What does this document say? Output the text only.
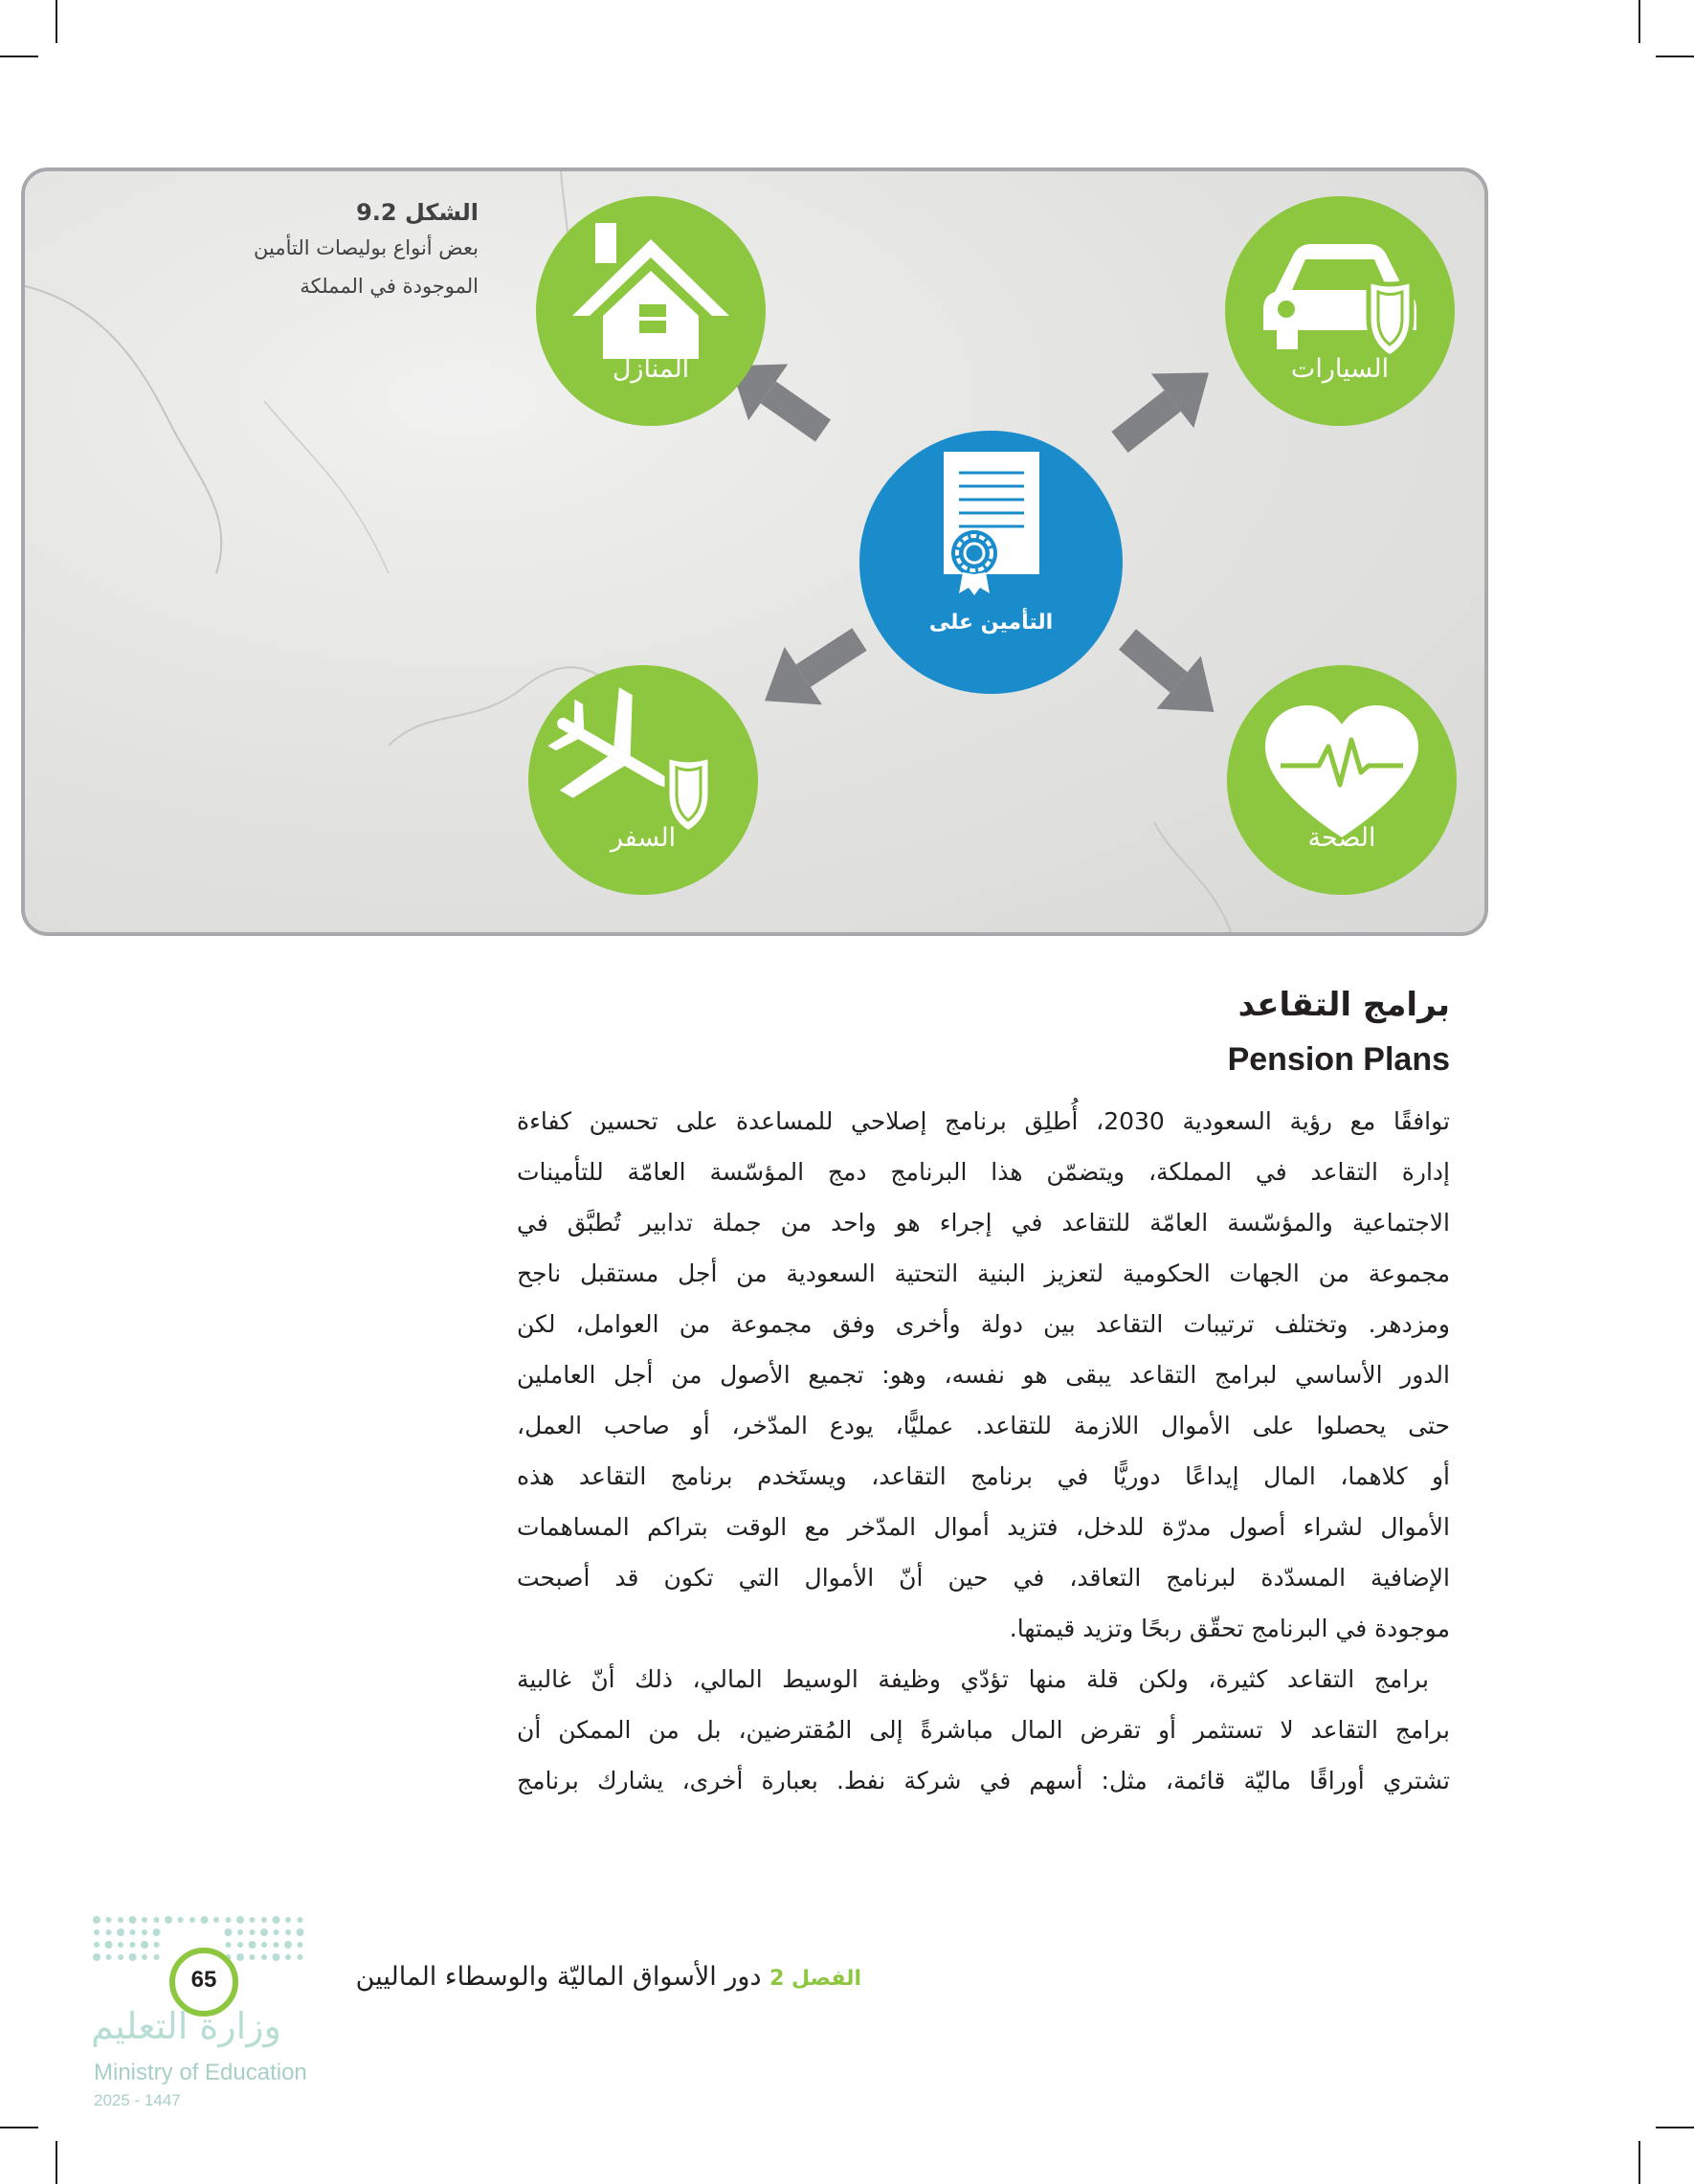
الشكل 9.2
بعض أنواع بوليصات التأمين
الموجودة في المملكة
المنازل	السيارات
السفر	الصحة
التأمين على
برامج التقاعد
Pension Plans
توافقًا مع رؤية السعودية 2030، أُطلِق برنامج إصلاحي للمساعدة على تحسين كفاءة
إدارة التقاعد في المملكة، ويتضمّن هذا البرنامج دمج المؤسّسة العامّة للتأمينات
الاجتماعية والمؤسّسة العامّة للتقاعد في إجراء هو واحد من جملة تدابير تُطبَّق في
مجموعة من الجهات الحكومية لتعزيز البنية التحتية السعودية من أجل مستقبل ناجح
ومزدهر. وتختلف ترتيبات التقاعد بين دولة وأخرى وفق مجموعة من العوامل، لكن
الدور الأساسي لبرامج التقاعد يبقى هو نفسه، وهو: تجميع الأصول من أجل العاملين
حتى يحصلوا على الأموال اللازمة للتقاعد. عمليًّا، يودع المدّخر، أو صاحب العمل،
أو كلاهما، المال إيداعًا دوريًّا في برنامج التقاعد، ويستَخدم برنامج التقاعد هذه
الأموال لشراء أصول مدرّة للدخل، فتزيد أموال المدّخر مع الوقت بتراكم المساهمات
الإضافية المسدّدة لبرنامج التعاقد، في حين أنّ الأموال التي تكون قد أصبحت
موجودة في البرنامج تحقّق ربحًا وتزيد قيمتها.
برامج التقاعد كثيرة، ولكن قلة منها تؤدّي وظيفة الوسيط المالي، ذلك أنّ غالبية
برامج التقاعد لا تستثمر أو تقرض المال مباشرةً إلى المُقترضين، بل من الممكن أن
تشتري أوراقًا ماليّة قائمة، مثل: أسهم في شركة نفط. بعبارة أخرى، يشارك برنامج
الفصل 2 دور الأسواق الماليّة والوسطاء الماليين
65
وزارة التعليم
Ministry of Education
2025 - 1447
